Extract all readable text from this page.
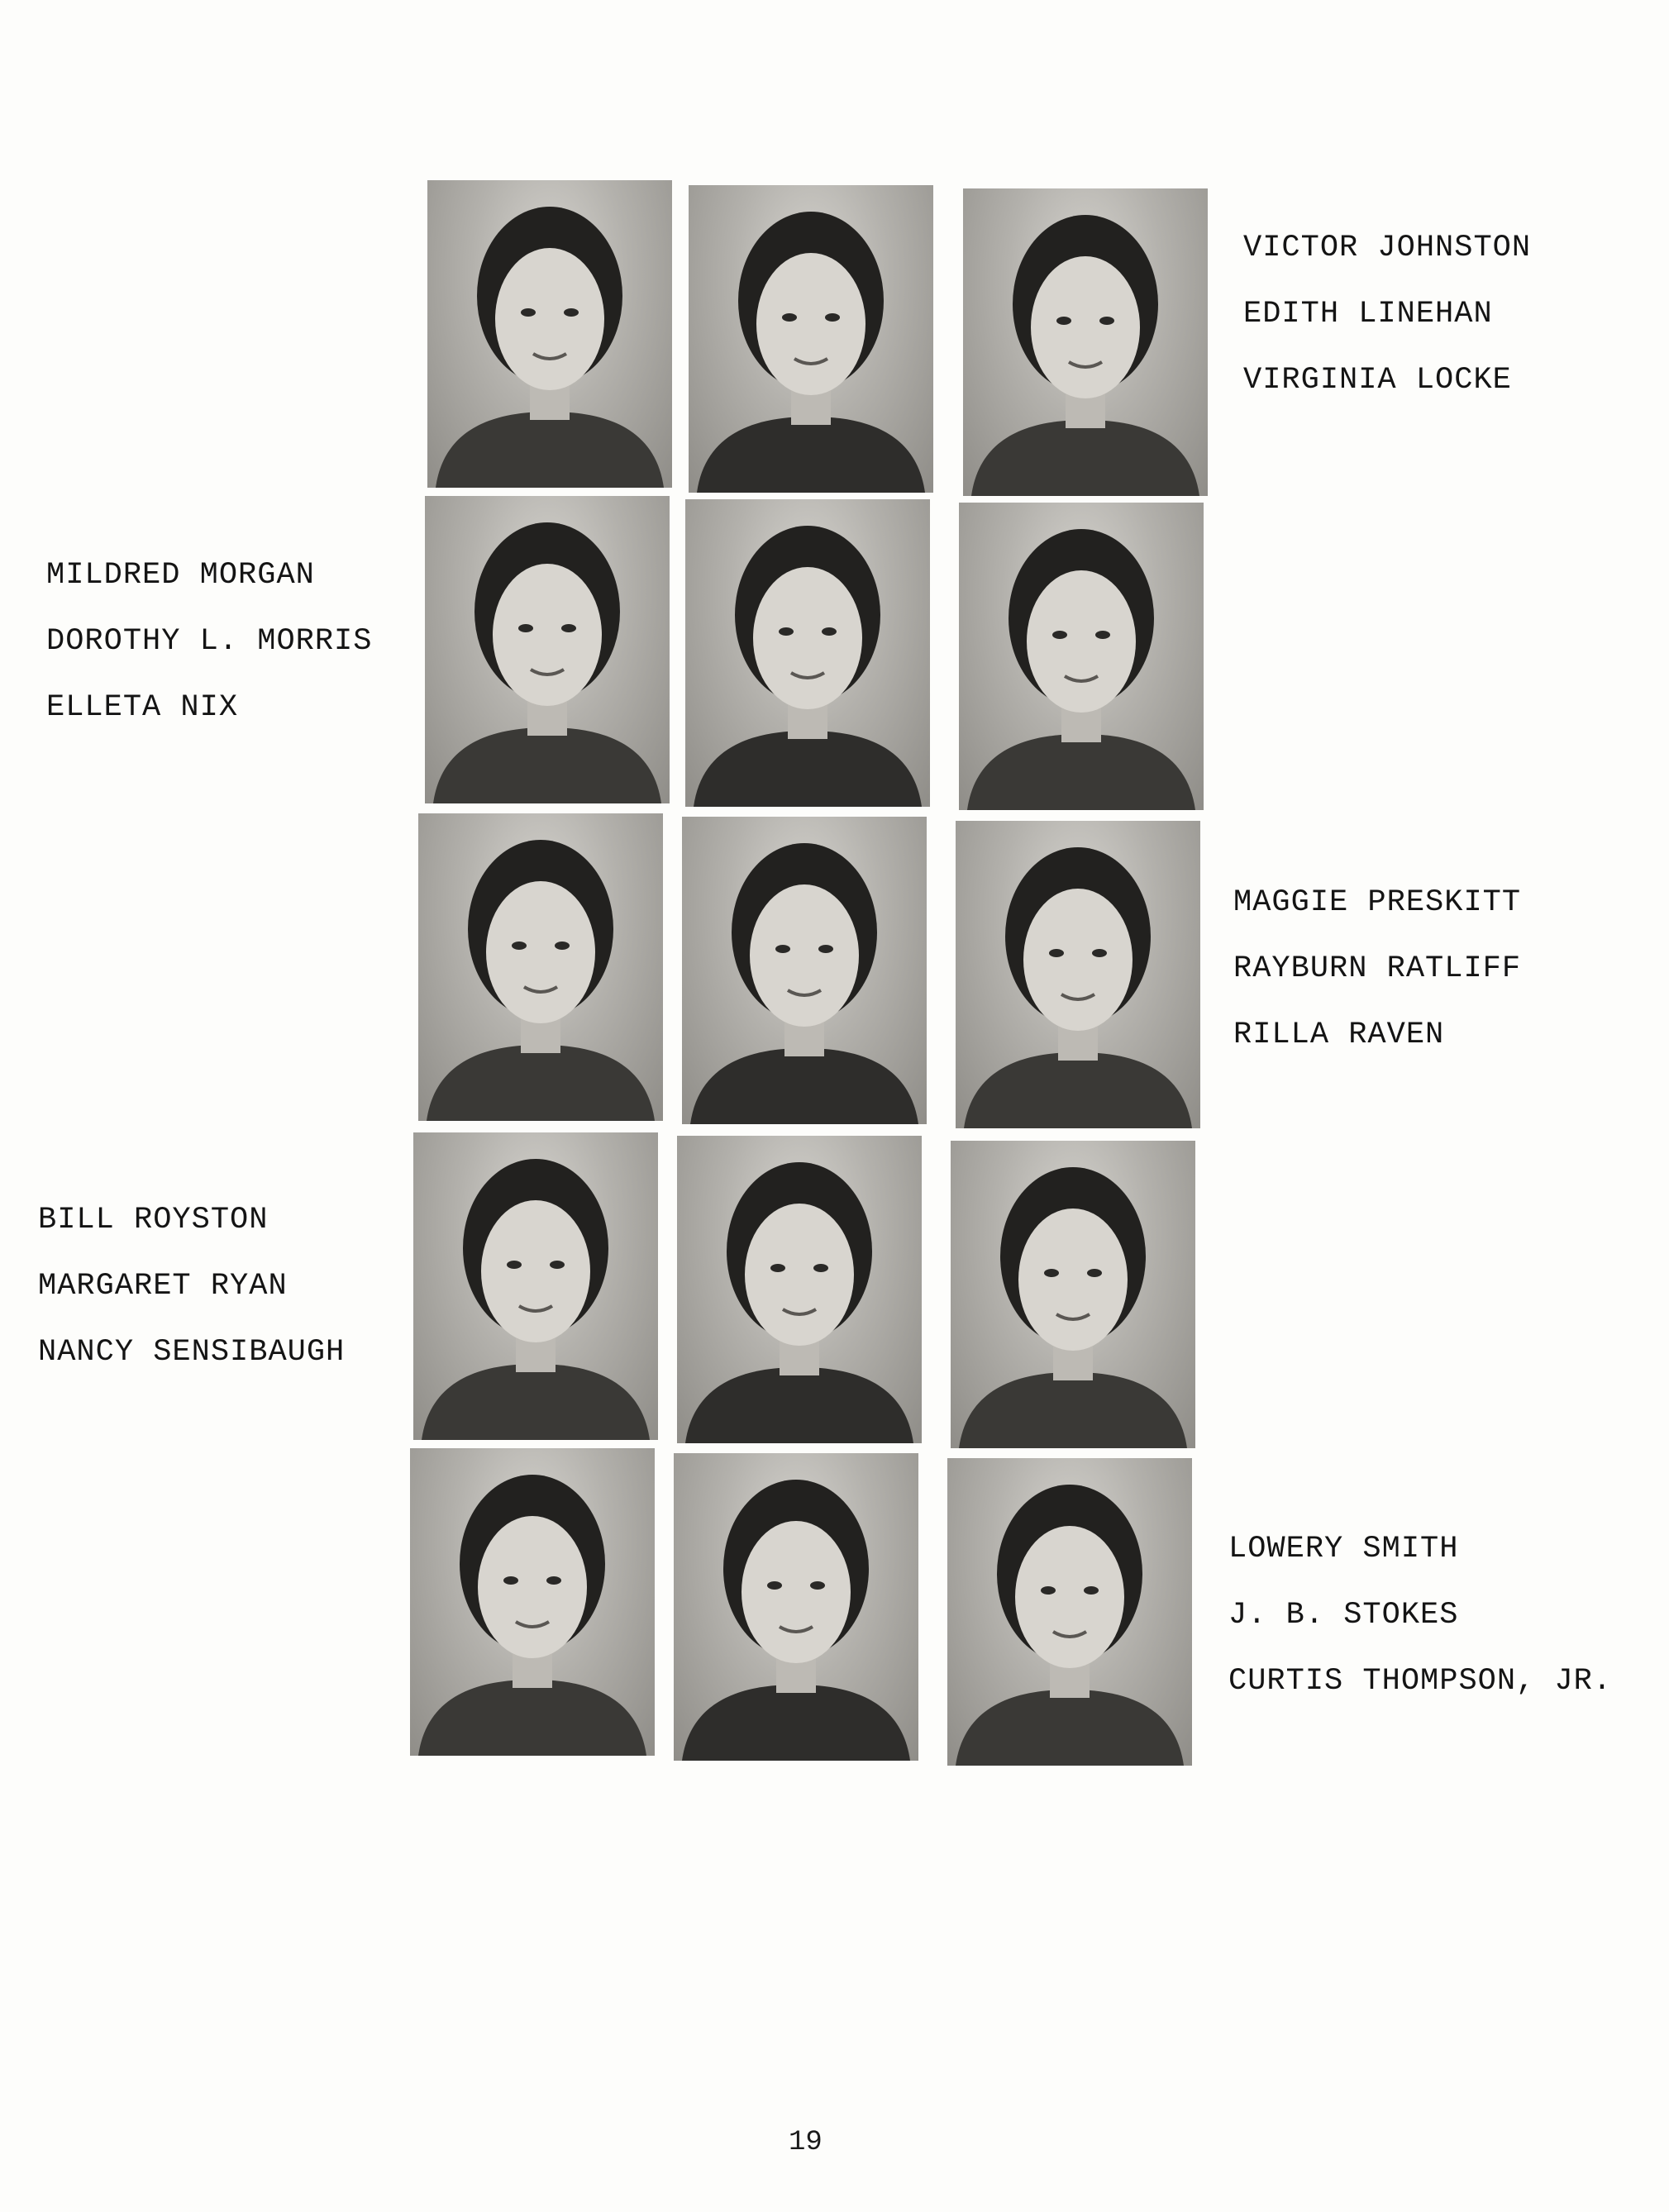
VICTOR JOHNSTON
EDITH LINEHAN
VIRGINIA LOCKE
MILDRED MORGAN
DOROTHY L. MORRIS
ELLETA NIX
MAGGIE PRESKITT
RAYBURN RATLIFF
RILLA RAVEN
BILL ROYSTON
MARGARET RYAN
NANCY SENSIBAUGH
LOWERY SMITH
J. B. STOKES
CURTIS THOMPSON, JR.
19
